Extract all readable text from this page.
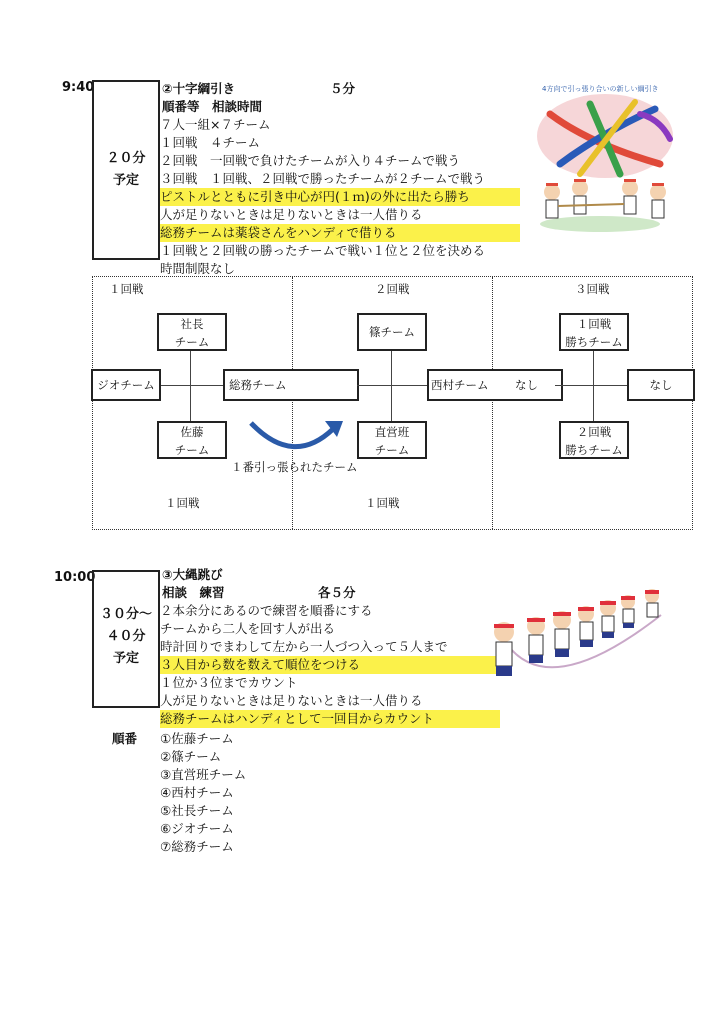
9:40
２０分
予定
②十字綱引き	５分
順番等　相談時間
７人一組×７チーム
１回戦　４チーム
２回戦　一回戦で負けたチームが入り４チームで戦う
３回戦　１回戦、２回戦で勝ったチームが２チームで戦う
ピストルとともに引き中心が円(１ｍ)の外に出たら勝ち
人が足りないときは足りないときは一人借りる
総務チームは薬袋さんをハンディで借りる
１回戦と２回戦の勝ったチームで戦い１位と２位を決める
時間制限なし
4方向で引っ張り合いの新しい綱引き
１回戦	２回戦	３回戦
社長
チーム
ジオチーム	総務チーム
佐藤
チーム
１番引っ張られたチーム
篠チーム
西村チーム
直営班
チーム
１回戦
勝ちチーム
なし	なし
２回戦
勝ちチーム
１回戦	１回戦
10:00
３０分～
４０分
予定
③大縄跳び
相談　練習	各５分
２本余分にあるので練習を順番にする
チームから二人を回す人が出る
時計回りでまわして左から一人づつ入って５人まで
３人目から数を数えて順位をつける
１位か３位までカウント
人が足りないときは足りないときは一人借りる
総務チームはハンディとして一回目からカウント
順番 ①佐藤チーム
②篠チーム
③直営班チーム
④西村チーム
⑤社長チーム
⑥ジオチーム
⑦総務チーム
